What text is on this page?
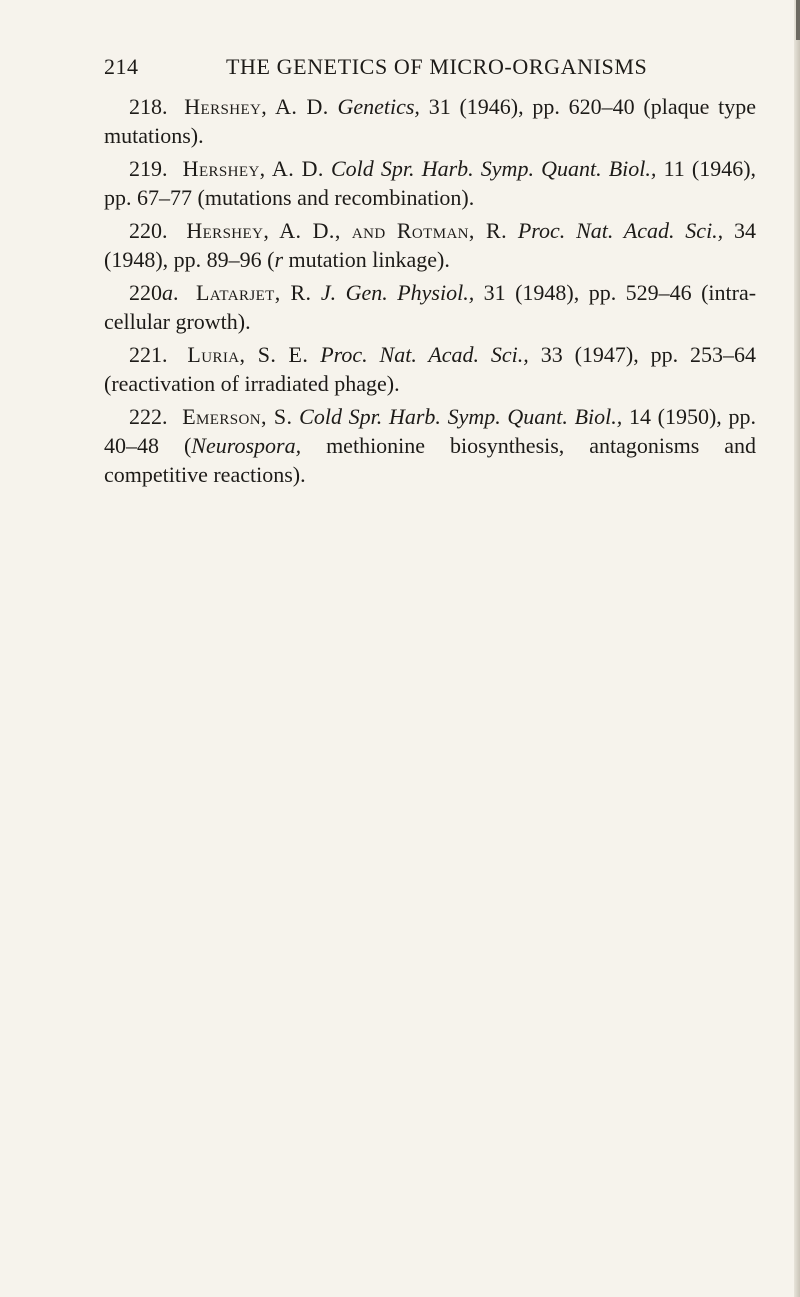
214	THE GENETICS OF MICRO-ORGANISMS

218. Hershey, A. D. Genetics, 31 (1946), pp. 620–40 (plaque type mutations).

219. Hershey, A. D. Cold Spr. Harb. Symp. Quant. Biol., 11 (1946), pp. 67–77 (mutations and recombination).

220. Hershey, A. D., and Rotman, R. Proc. Nat. Acad. Sci., 34 (1948), pp. 89–96 (r mutation linkage).

220a. Latarjet, R. J. Gen. Physiol., 31 (1948), pp. 529–46 (intra-cellular growth).

221. Luria, S. E. Proc. Nat. Acad. Sci., 33 (1947), pp. 253–64 (reactivation of irradiated phage).

222. Emerson, S. Cold Spr. Harb. Symp. Quant. Biol., 14 (1950), pp. 40–48 (Neurospora, methionine biosynthesis, antagonisms and competitive reactions).
